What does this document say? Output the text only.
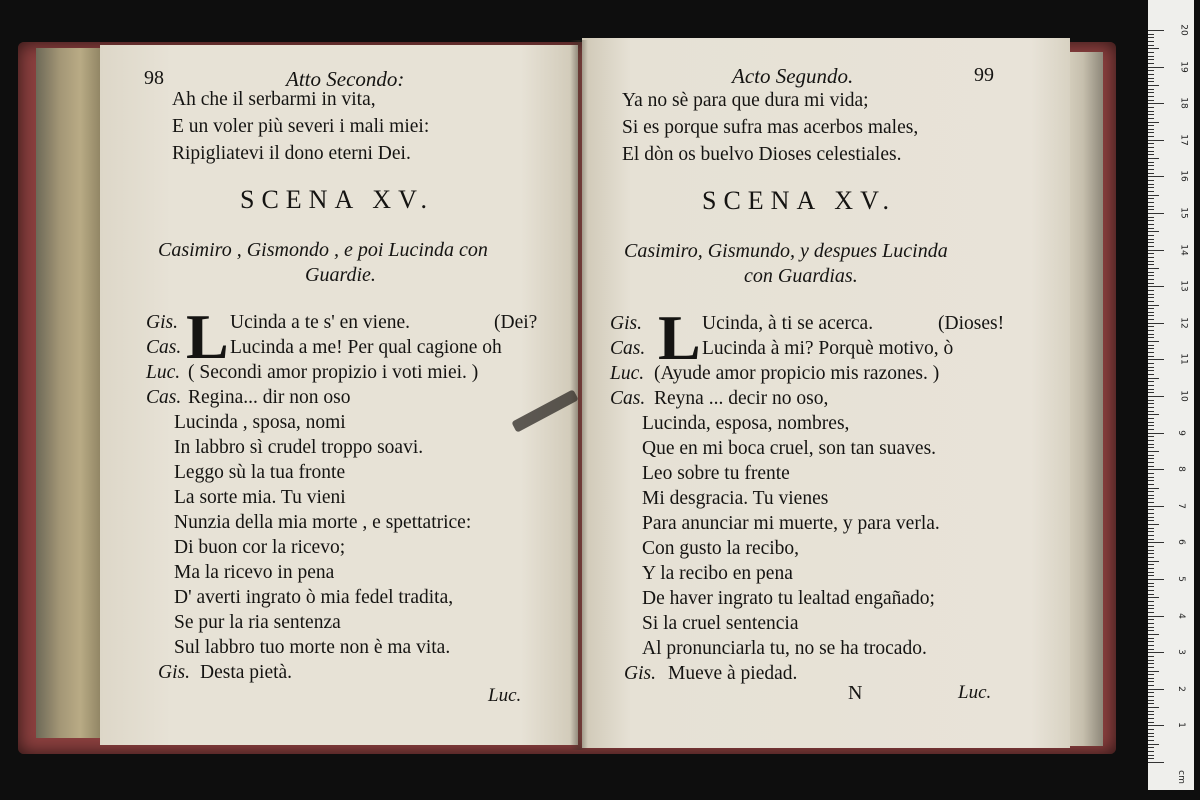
98	Atto Secondo:
Ah che il serbarmi in vita,
E un voler più severi i mali miei:
Ripigliatevi il dono eterni Dei.
SCENA XV.
Casimiro , Gismondo , e poi Lucinda con
Guardie.
L
Gis.	Ucinda a te s' en viene.	(Dei?
Cas.	Lucinda a me! Per qual cagione oh
Luc. ( Secondi amor propizio i voti miei. )
Cas. Regina... dir non oso
Lucinda , sposa, nomi
In labbro sì crudel troppo soavi.
Leggo sù la tua fronte
La sorte mia. Tu vieni
Nunzia della mia morte , e spettatrice:
Di buon cor la ricevo;
Ma la ricevo in pena
D' averti ingrato ò mia fedel tradita,
Se pur la ria sentenza
Sul labbro tuo morte non è ma vita.
Gis. Desta pietà.
Luc.
Acto Segundo.	99
Ya no sè para que dura mi vida;
Si es porque sufra mas acerbos males,
El dòn os buelvo Dioses celestiales.
SCENA XV.
Casimiro, Gismundo, y despues Lucinda
con Guardias.
L
Gis.	Ucinda, à ti se acerca.	(Dioses!
Cas.	Lucinda à mi? Porquè motivo, ò
Luc. (Ayude amor propicio mis razones. )
Cas. Reyna ... decir no oso,
Lucinda, esposa, nombres,
Que en mi boca cruel, son tan suaves.
Leo sobre tu frente
Mi desgracia. Tu vienes
Para anunciar mi muerte, y para verla.
Con gusto la recibo,
Y la recibo en pena
De haver ingrato tu lealtad engañado;
Si la cruel sentencia
Al pronunciarla tu, no se ha trocado.
Gis. Mueve à piedad.
N	Luc.
cm
1
2
3
4
5
6
7
8
9
10
11
12
13
14
15
16
17
18
19
20
